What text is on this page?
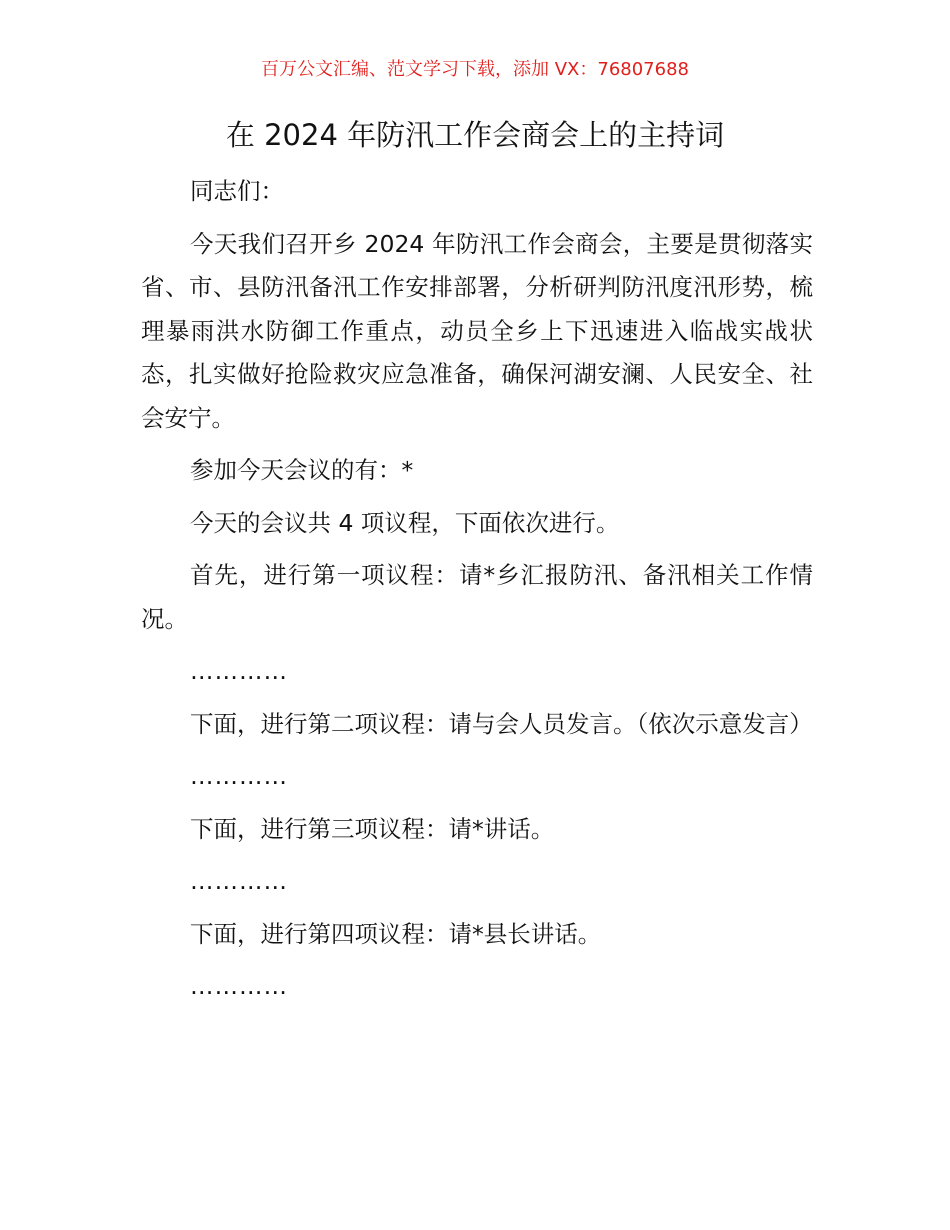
百万公文汇编、范文学习下载，添加 VX：76807688
在 2024 年防汛工作会商会上的主持词

同志们：

今天我们召开乡 2024 年防汛工作会商会，主要是贯彻落实省、市、县防汛备汛工作安排部署，分析研判防汛度汛形势，梳理暴雨洪水防御工作重点，动员全乡上下迅速进入临战实战状态，扎实做好抢险救灾应急准备，确保河湖安澜、人民安全、社会安宁。

参加今天会议的有：*

今天的会议共 4 项议程，下面依次进行。

首先，进行第一项议程：请*乡汇报防汛、备汛相关工作情况。

…………

下面，进行第二项议程：请与会人员发言。（依次示意发言）

…………

下面，进行第三项议程：请*讲话。

…………

下面，进行第四项议程：请*县长讲话。

…………
